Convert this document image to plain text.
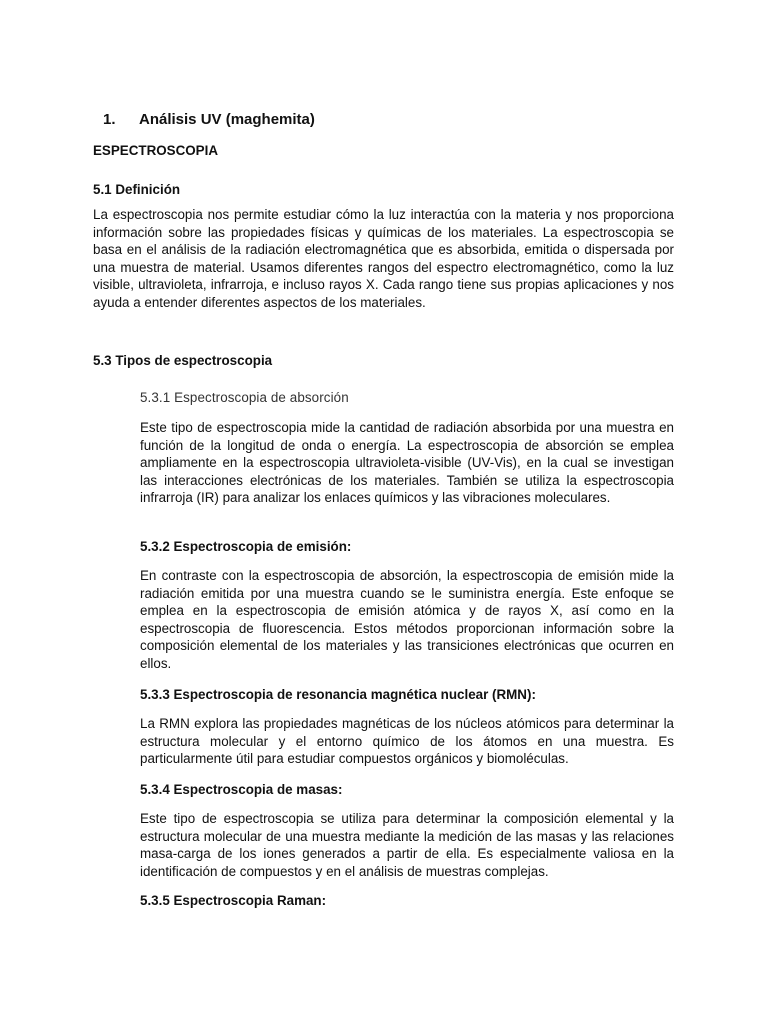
1. Análisis UV (maghemita)
ESPECTROSCOPIA
5.1 Definición

La espectroscopia nos permite estudiar cómo la luz interactúa con la materia y nos proporciona información sobre las propiedades físicas y químicas de los materiales. La espectroscopia se basa en el análisis de la radiación electromagnética que es absorbida, emitida o dispersada por una muestra de material. Usamos diferentes rangos del espectro electromagnético, como la luz visible, ultravioleta, infrarroja, e incluso rayos X. Cada rango tiene sus propias aplicaciones y nos ayuda a entender diferentes aspectos de los materiales.

5.3 Tipos de espectroscopia
5.3.1 Espectroscopia de absorción

Este tipo de espectroscopia mide la cantidad de radiación absorbida por una muestra en función de la longitud de onda o energía. La espectroscopia de absorción se emplea ampliamente en la espectroscopia ultravioleta-visible (UV-Vis), en la cual se investigan las interacciones electrónicas de los materiales. También se utiliza la espectroscopia infrarroja (IR) para analizar los enlaces químicos y las vibraciones moleculares.

5.3.2 Espectroscopia de emisión:

En contraste con la espectroscopia de absorción, la espectroscopia de emisión mide la radiación emitida por una muestra cuando se le suministra energía. Este enfoque se emplea en la espectroscopia de emisión atómica y de rayos X, así como en la espectroscopia de fluorescencia. Estos métodos proporcionan información sobre la composición elemental de los materiales y las transiciones electrónicas que ocurren en ellos.

5.3.3 Espectroscopia de resonancia magnética nuclear (RMN):

La RMN explora las propiedades magnéticas de los núcleos atómicos para determinar la estructura molecular y el entorno químico de los átomos en una muestra. Es particularmente útil para estudiar compuestos orgánicos y biomoléculas.

5.3.4 Espectroscopia de masas:

Este tipo de espectroscopia se utiliza para determinar la composición elemental y la estructura molecular de una muestra mediante la medición de las masas y las relaciones masa-carga de los iones generados a partir de ella. Es especialmente valiosa en la identificación de compuestos y en el análisis de muestras complejas.

5.3.5 Espectroscopia Raman:
